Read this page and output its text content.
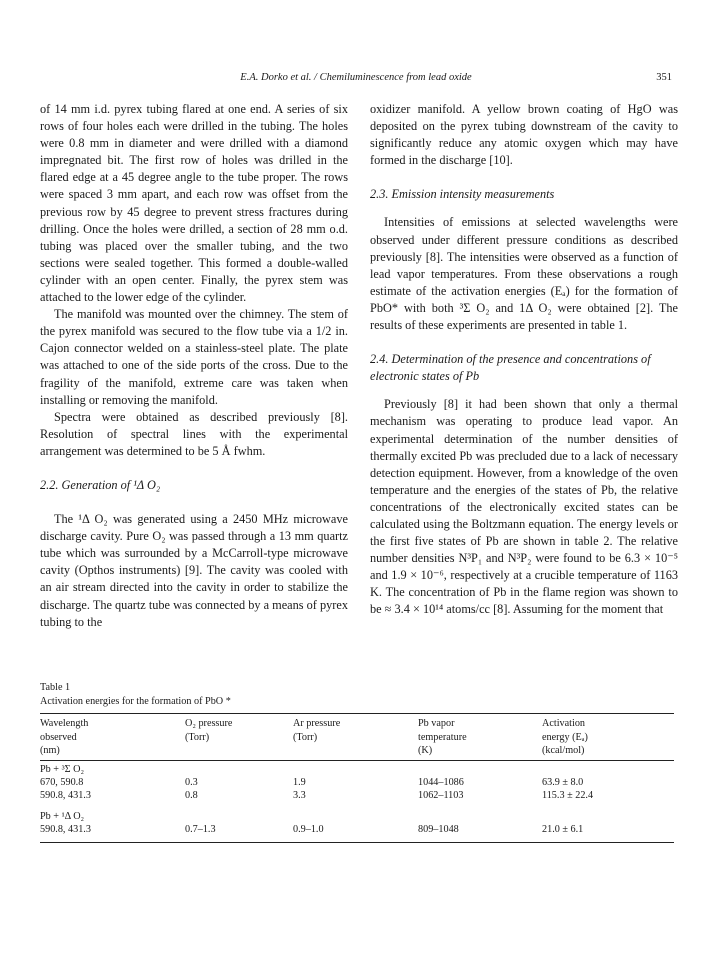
E.A. Dorko et al. / Chemiluminescence from lead oxide	351

of 14 mm i.d. pyrex tubing flared at one end. A series of six rows of four holes each were drilled in the tubing. The holes were 0.8 mm in diameter and were drilled with a diamond impregnated bit. The first row of holes was drilled in the flared edge at a 45 degree angle to the tube proper. The rows were spaced 3 mm apart, and each row was offset from the previous row by 45 degree to prevent stress fractures during drilling. Once the holes were drilled, a section of 28 mm o.d. tubing was placed over the smaller tubing, and the two sections were sealed together. This formed a double-walled cylinder with an open center. Finally, the pyrex stem was attached to the lower edge of the cylinder.

The manifold was mounted over the chimney. The stem of the pyrex manifold was secured to the flow tube via a 1/2 in. Cajon connector welded on a stainless-steel plate. The plate was attached to one of the side ports of the cross. Due to the fragility of the manifold, extreme care was taken when installing or removing the manifold.

Spectra were obtained as described previously [8]. Resolution of spectral lines with the experimental arrangement was determined to be 5 Å fwhm.

2.2. Generation of ¹Δ O₂

The ¹Δ O₂ was generated using a 2450 MHz microwave discharge cavity. Pure O₂ was passed through a 13 mm quartz tube which was surrounded by a McCarroll-type microwave cavity (Opthos instruments) [9]. The cavity was cooled with an air stream directed into the cavity in order to stabilize the discharge. The quartz tube was connected by a means of pyrex tubing to the

oxidizer manifold. A yellow brown coating of HgO was deposited on the pyrex tubing downstream of the cavity to significantly reduce any atomic oxygen which may have formed in the discharge [10].

2.3. Emission intensity measurements

Intensities of emissions at selected wavelengths were observed under different pressure conditions as described previously [8]. The intensities were observed as a function of lead vapor temperatures. From these observations a rough estimate of the activation energies (Eₐ) for the formation of PbO* with both ³Σ O₂ and 1Δ O₂ were obtained [2]. The results of these experiments are presented in table 1.

2.4. Determination of the presence and concentrations of electronic states of Pb

Previously [8] it had been shown that only a thermal mechanism was operating to produce lead vapor. An experimental determination of the number densities of thermally excited Pb was precluded due to a lack of necessary detection equipment. However, from a knowledge of the oven temperature and the energies of the states of Pb, the relative concentrations of the electronically excited states can be calculated using the Boltzmann equation. The energy levels or the first five states of Pb are shown in table 2. The relative number densities N³P₁ and N³P₂ were found to be 6.3 × 10⁻⁵ and 1.9 × 10⁻⁶, respectively at a crucible temperature of 1163 K. The concentration of Pb in the flame region was shown to be ≈ 3.4 × 10¹⁴ atoms/cc [8]. Assuming for the moment that

Table 1
Activation energies for the formation of PbO *
Wavelength	O₂ pressure	Ar pressure	Pb vapor	Activation
observed	(Torr)	(Torr)	temperature	energy (Eₐ)
(nm)			(K)	(kcal/mol)
Pb + ³Σ O₂				
670, 590.8	0.3	1.9	1044–1086	63.9 ± 8.0
590.8, 431.3	0.8	3.3	1062–1103	115.3 ± 22.4
Pb + ¹Δ O₂				
590.8, 431.3	0.7–1.3	0.9–1.0	809–1048	21.0 ± 6.1
